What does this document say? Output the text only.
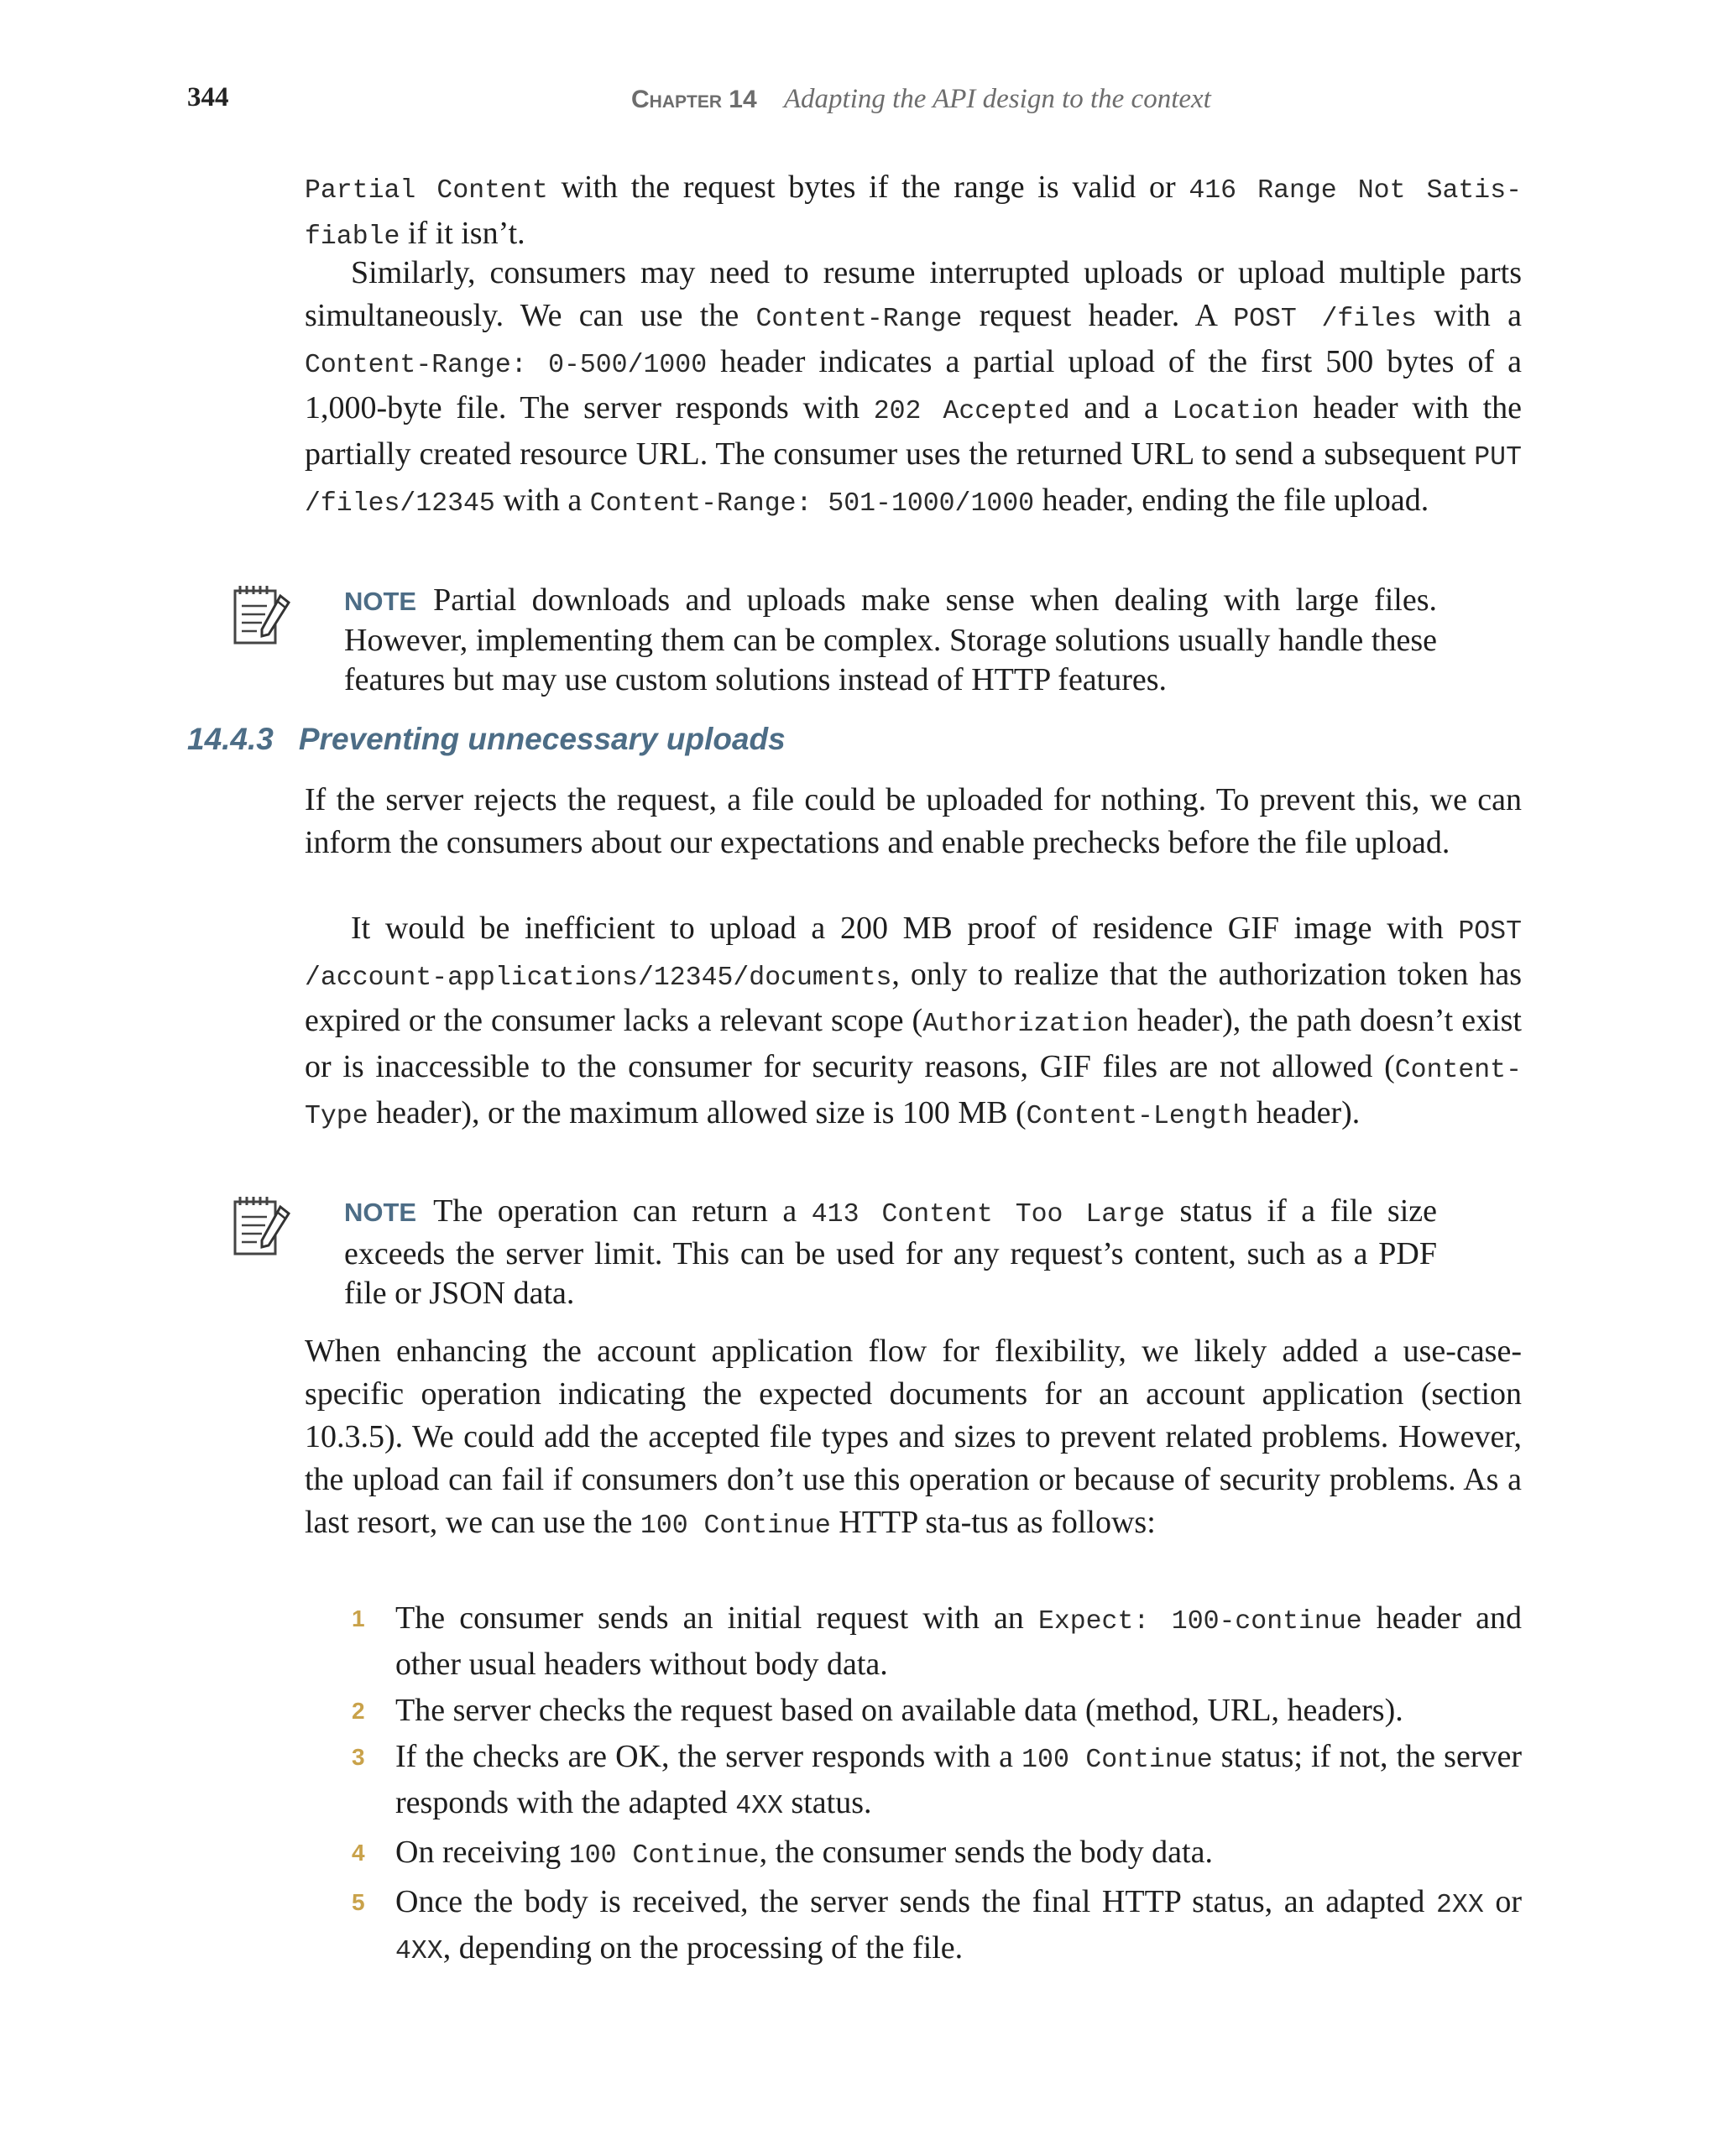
344	Chapter 14 Adapting the API design to the context

Partial Content with the request bytes if the range is valid or 416 Range Not Satis-fiable if it isn’t.

Similarly, consumers may need to resume interrupted uploads or upload multiple parts simultaneously. We can use the Content-Range request header. A POST /files with a Content-Range: 0-500/1000 header indicates a partial upload of the first 500 bytes of a 1,000-byte file. The server responds with 202 Accepted and a Location header with the partially created resource URL. The consumer uses the returned URL to send a subsequent PUT /files/12345 with a Content-Range: 501-1000/1000 header, ending the file upload.

NOTE Partial downloads and uploads make sense when dealing with large files. However, implementing them can be complex. Storage solutions usually handle these features but may use custom solutions instead of HTTP features.

14.4.3 Preventing unnecessary uploads

If the server rejects the request, a file could be uploaded for nothing. To prevent this, we can inform the consumers about our expectations and enable prechecks before the file upload.

It would be inefficient to upload a 200 MB proof of residence GIF image with POST /account-applications/12345/documents, only to realize that the authorization token has expired or the consumer lacks a relevant scope (Authorization header), the path doesn’t exist or is inaccessible to the consumer for security reasons, GIF files are not allowed (Content-Type header), or the maximum allowed size is 100 MB (Content-Length header).

NOTE The operation can return a 413 Content Too Large status if a file size exceeds the server limit. This can be used for any request’s content, such as a PDF file or JSON data.

When enhancing the account application flow for flexibility, we likely added a use-case-specific operation indicating the expected documents for an account application (section 10.3.5). We could add the accepted file types and sizes to prevent related problems. However, the upload can fail if consumers don’t use this operation or because of security problems. As a last resort, we can use the 100 Continue HTTP sta-tus as follows:

1 The consumer sends an initial request with an Expect: 100-continue header and other usual headers without body data.

2 The server checks the request based on available data (method, URL, headers).

3 If the checks are OK, the server responds with a 100 Continue status; if not, the server responds with the adapted 4XX status.

4 On receiving 100 Continue, the consumer sends the body data.

5 Once the body is received, the server sends the final HTTP status, an adapted 2XX or 4XX, depending on the processing of the file.
